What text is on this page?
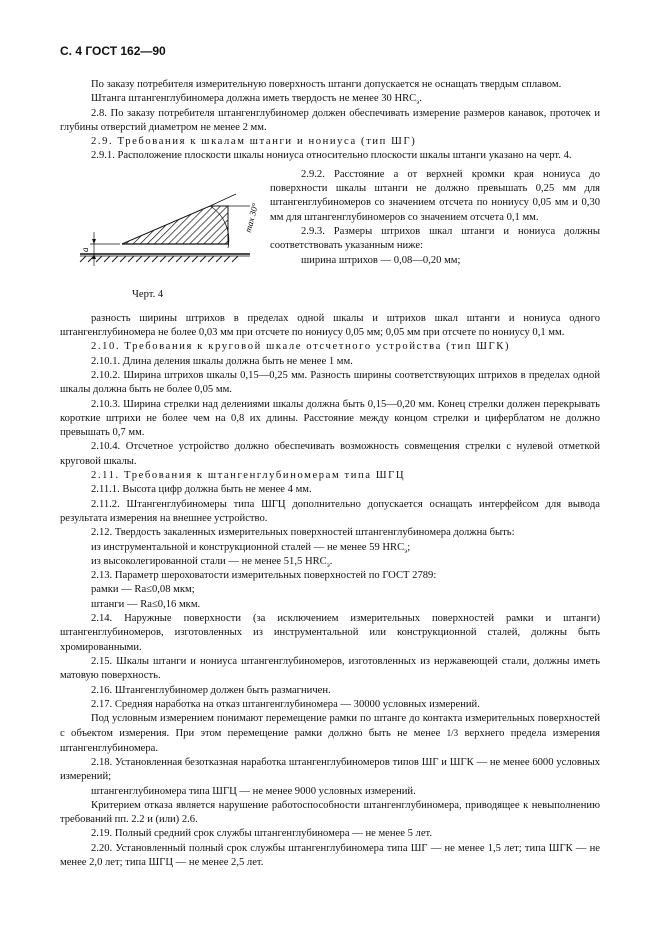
С. 4 ГОСТ 162—90

По заказу потребителя измерительную поверхность штанги допускается не оснащать твердым сплавом.

Штанга штангенглубиномера должна иметь твердость не менее 30 $HRC_э$.

2.8. По заказу потребителя штангенглубиномер должен обеспечивать измерение размеров канавок, проточек и глубины отверстий диаметром не менее 2 мм.

2.9. Требования к шкалам штанги и нониуса (тип ШГ)

2.9.1. Расположение плоскости шкалы нониуса относительно плоскости шкалы штанги указано на черт. 4.

a
max 30°
Черт. 4

2.9.2. Расстояние a от верхней кромки края нониуса до поверхности шкалы штанги не должно превышать 0,25 мм для штангенглубиномеров со значением отсчета по нониусу 0,05 мм и 0,30 мм для штангенглубиномеров со значением отсчета 0,1 мм.

2.9.3. Размеры штрихов шкал штанги и нониуса должны соответствовать указанным ниже:

ширина штрихов — 0,08—0,20 мм;

разность ширины штрихов в пределах одной шкалы и штрихов шкал штанги и нониуса одного штангенглубиномера не более 0,03 мм при отсчете по нониусу 0,05 мм; 0,05 мм при отсчете по нониусу 0,1 мм.

2.10. Требования к круговой шкале отсчетного устройства (тип ШГК)

2.10.1. Длина деления шкалы должна быть не менее 1 мм.

2.10.2. Ширина штрихов шкалы 0,15—0,25 мм. Разность ширины соответствующих штрихов в пределах одной шкалы должна быть не более 0,05 мм.

2.10.3. Ширина стрелки над делениями шкалы должна быть 0,15—0,20 мм. Конец стрелки должен перекрывать короткие штрихи не более чем на 0,8 их длины. Расстояние между концом стрелки и циферблатом не должно превышать 0,7 мм.

2.10.4. Отсчетное устройство должно обеспечивать возможность совмещения стрелки с нулевой отметкой круговой шкалы.

2.11. Требования к штангенглубиномерам типа ШГЦ

2.11.1. Высота цифр должна быть не менее 4 мм.

2.11.2. Штангенглубиномеры типа ШГЦ дополнительно допускается оснащать интерфейсом для вывода результата измерения на внешнее устройство.

2.12. Твердость закаленных измерительных поверхностей штангенглубиномера должна быть:

из инструментальной и конструкционной сталей — не менее 59 $HRC_э$;

из высоколегированной стали — не менее 51,5 $HRC_э$.

2.13. Параметр шероховатости измерительных поверхностей по ГОСТ 2789:

рамки — Ra≤0,08 мкм;

штанги — Ra≤0,16 мкм.

2.14. Наружные поверхности (за исключением измерительных поверхностей рамки и штанги) штангенглубиномеров, изготовленных из инструментальной или конструкционной сталей, должны быть хромированными.

2.15. Шкалы штанги и нониуса штангенглубиномеров, изготовленных из нержавеющей стали, должны иметь матовую поверхность.

2.16. Штангенглубиномер должен быть размагничен.

2.17. Средняя наработка на отказ штангенглубиномера — 30000 условных измерений.

Под условным измерением понимают перемещение рамки по штанге до контакта измерительных поверхностей с объектом измерения. При этом перемещение рамки должно быть не менее 1/3 верхнего предела измерения штангенглубиномера.

2.18. Установленная безотказная наработка штангенглубиномеров типов ШГ и ШГК — не менее 6000 условных измерений;

штангенглубиномера типа ШГЦ — не менее 9000 условных измерений.

Критерием отказа является нарушение работоспособности штангенглубиномера, приводящее к невыполнению требований пп. 2.2 и (или) 2.6.

2.19. Полный средний срок службы штангенглубиномера — не менее 5 лет.

2.20. Установленный полный срок службы штангенглубиномера типа ШГ — не менее 1,5 лет; типа ШГК — не менее 2,0 лет; типа ШГЦ — не менее 2,5 лет.
